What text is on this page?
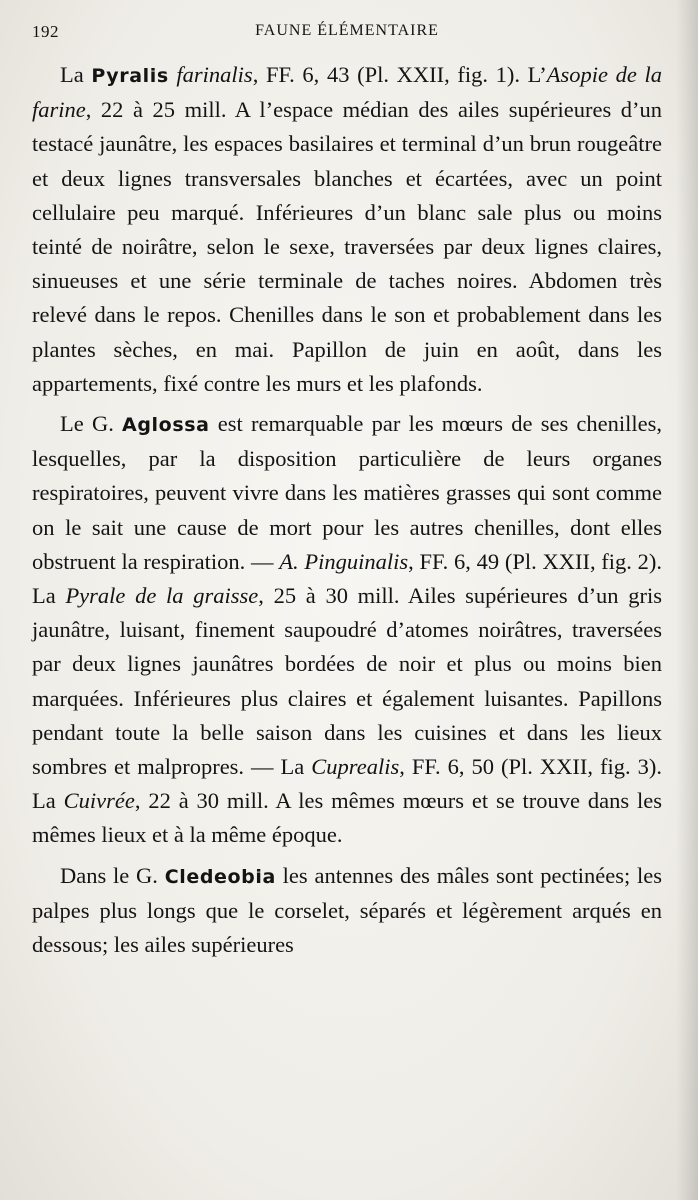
192	FAUNE ÉLÉMENTAIRE

La Pyralis farinalis, FF. 6, 43 (Pl. XXII, fig. 1). L’Asopie de la farine, 22 à 25 mill. A l’espace médian des ailes supérieures d’un testacé jaunâtre, les espaces basilaires et terminal d’un brun rougeâtre et deux lignes transversales blanches et écartées, avec un point cellulaire peu marqué. Inférieures d’un blanc sale plus ou moins teinté de noirâtre, selon le sexe, traversées par deux lignes claires, sinueuses et une série terminale de taches noires. Abdomen très relevé dans le repos. Chenilles dans le son et probablement dans les plantes sèches, en mai. Papillon de juin en août, dans les appartements, fixé contre les murs et les plafonds.

Le G. Aglossa est remarquable par les mœurs de ses chenilles, lesquelles, par la disposition particulière de leurs organes respiratoires, peuvent vivre dans les matières grasses qui sont comme on le sait une cause de mort pour les autres chenilles, dont elles obstruent la respiration. — A. Pinguinalis, FF. 6, 49 (Pl. XXII, fig. 2). La Pyrale de la graisse, 25 à 30 mill. Ailes supérieures d’un gris jaunâtre, luisant, finement saupoudré d’atomes noirâtres, traversées par deux lignes jaunâtres bordées de noir et plus ou moins bien marquées. Inférieures plus claires et également luisantes. Papillons pendant toute la belle saison dans les cuisines et dans les lieux sombres et malpropres. — La Cuprealis, FF. 6, 50 (Pl. XXII, fig. 3). La Cuivrée, 22 à 30 mill. A les mêmes mœurs et se trouve dans les mêmes lieux et à la même époque.

Dans le G. Cledeobia les antennes des mâles sont pectinées; les palpes plus longs que le corselet, séparés et légèrement arqués en dessous; les ailes supérieures
